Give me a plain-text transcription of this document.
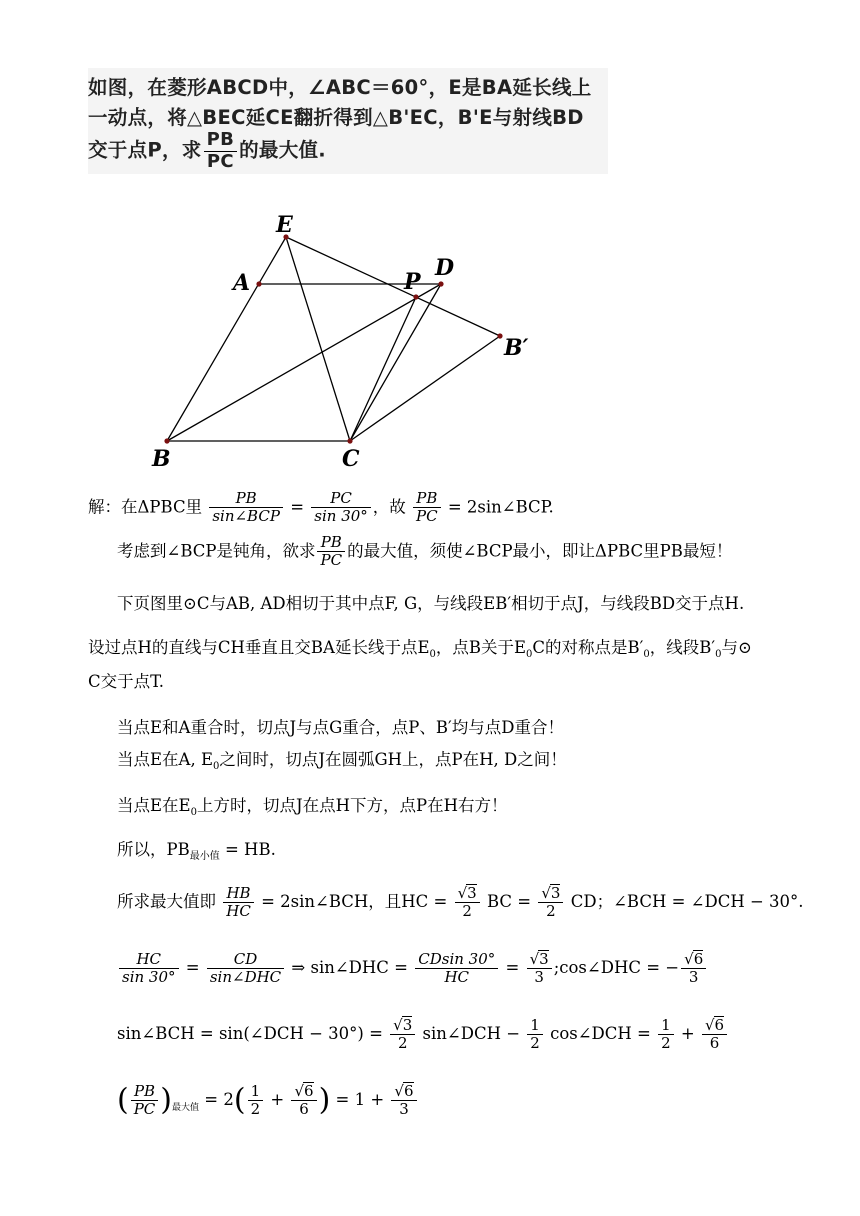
如图，在菱形ABCD中，∠ABC＝60°，E是BA延长线上
一动点，将△BEC延CE翻折得到△B'EC，B'E与射线BD
交于点P，求 $\frac{PB}{PC}$ 的最大值.
E
A	P
D
B′
B	C
解：在ΔPBC里 $\frac{PB}{\text{sin∠BCP}} = \frac{PC}{\sin 30^\circ}$ ，故 $\frac{PB}{PC}$ = 2sin∠BCP.
考虑到∠BCP是钝角，欲求 $\frac{PB}{PC}$ 的最大值，须使∠BCP最小，即让ΔPBC里PB最短！
下页图里⊙C与AB, AD相切于其中点F, G，与线段EB′相切于点J，与线段BD交于点H.
设过点H的直线与CH垂直且交BA延长线于点$E_0$，点B关于$E_0C$的对称点是$B'_0$，线段$B'_0$与⊙
C交于点T.
当点E和A重合时，切点J与点G重合，点P、B′均与点D重合！
当点E在A, $E_0$之间时，切点J在圆弧GH上，点P在H, D之间！
当点E在$E_0$上方时，切点J在点H下方，点P在H右方！
所以，$PB_{最小值}$ = HB.
所求最大值即 $\frac{HB}{HC}$ = 2sin∠BCH，且HC = $\frac{√3}{2}$ BC = $\frac{√3}{2}$ CD；∠BCH = ∠DCH − 30°.
$\frac{HC}{\sin 30^\circ} = \frac{CD}{\text{sin∠DHC}}$ ⇒ sin∠DHC = $\frac{CDsin 30^\circ}{HC} = \frac{√3}{3}$ ;cos∠DHC = − $\frac{√6}{3}$
sin∠BCH = sin(∠DCH − $30^\circ) = \frac{√3}{2}$ sin∠DCH − $\frac{1}{2}$ cos∠DCH = $\frac{1}{2} + \frac{√6}{6}$
( $\frac{PB}{PC} )_{最大值} = 2( \frac{1}{2} + \frac{√6}{6}$ ) = $1 + \frac{√6}{3}$
